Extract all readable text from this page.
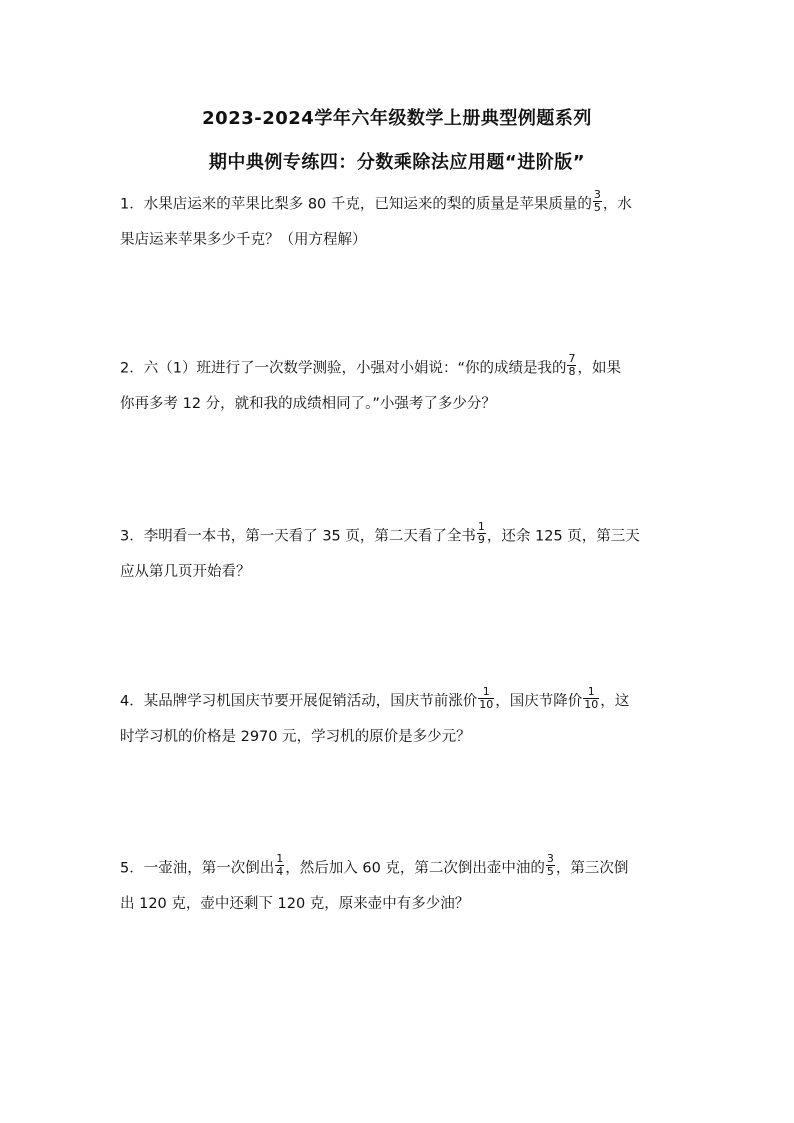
2023-2024学年六年级数学上册典型例题系列
期中典例专练四：分数乘除法应用题“进阶版”
1．水果店运来的苹果比梨多 80 千克，已知运来的梨的质量是苹果质量的 $\frac{3}{5}$ ，水
果店运来苹果多少千克？（用方程解）
2．六（1）班进行了一次数学测验，小强对小娟说：“你的成绩是我的 $\frac{7}{8}$ ，如果
你再多考 12 分，就和我的成绩相同了。”小强考了多少分？
3．李明看一本书，第一天看了 35 页，第二天看了全书 $\frac{1}{9}$ ，还余 125 页，第三天
应从第几页开始看？
4．某品牌学习机国庆节要开展促销活动，国庆节前涨价 $\frac{1}{10}$ ，国庆节降价 $\frac{1}{10}$ ，这
时学习机的价格是 2970 元，学习机的原价是多少元？
5．一壶油，第一次倒出 $\frac{1}{4}$ ，然后加入 60 克，第二次倒出壶中油的 $\frac{3}{5}$ ，第三次倒
出 120 克，壶中还剩下 120 克，原来壶中有多少油？
